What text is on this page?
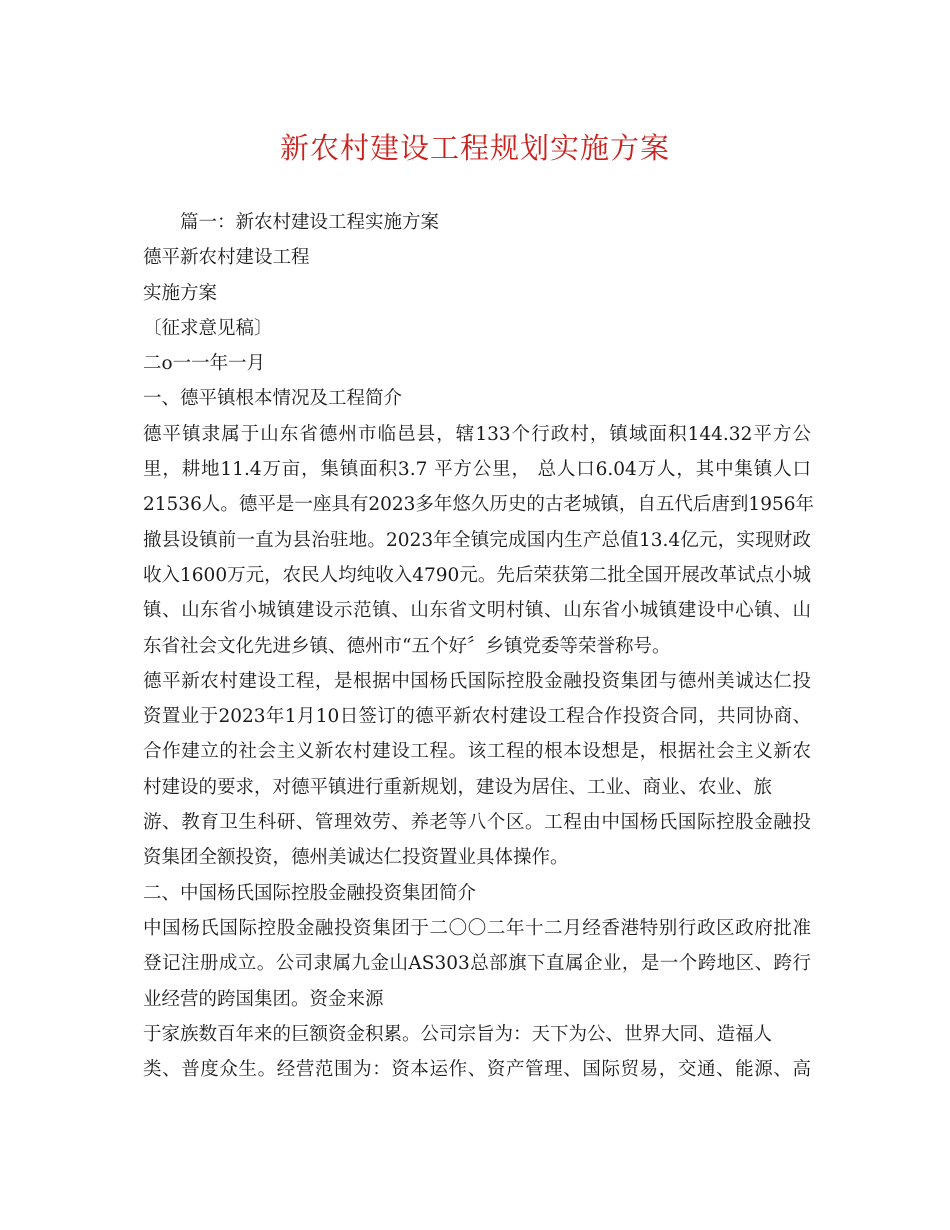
新农村建设工程规划实施方案
篇一：新农村建设工程实施方案
德平新农村建设工程
实施方案
〔征求意见稿〕
二o一一年一月
一、德平镇根本情况及工程简介
德平镇隶属于山东省德州市临邑县，辖133个行政村，镇域面积144.32平方公
里，耕地11.4万亩，集镇面积3.7 平方公里， 总人口6.04万人，其中集镇人口
21536人。德平是一座具有2023多年悠久历史的古老城镇，自五代后唐到1956年
撤县设镇前一直为县治驻地。2023年全镇完成国内生产总值13.4亿元，实现财政
收入1600万元，农民人均纯收入4790元。先后荣获第二批全国开展改革试点小城
镇、山东省小城镇建设示范镇、山东省文明村镇、山东省小城镇建设中心镇、山
东省社会文化先进乡镇、德州市“五个好〞乡镇党委等荣誉称号。
德平新农村建设工程，是根据中国杨氏国际控股金融投资集团与德州美诚达仁投
资置业于2023年1月10日签订的德平新农村建设工程合作投资合同，共同协商、
合作建立的社会主义新农村建设工程。该工程的根本设想是，根据社会主义新农
村建设的要求，对德平镇进行重新规划，建设为居住、工业、商业、农业、旅
游、教育卫生科研、管理效劳、养老等八个区。工程由中国杨氏国际控股金融投
资集团全额投资，德州美诚达仁投资置业具体操作。
二、中国杨氏国际控股金融投资集团简介
中国杨氏国际控股金融投资集团于二〇〇二年十二月经香港特别行政区政府批准
登记注册成立。公司隶属九金山AS303总部旗下直属企业，是一个跨地区、跨行
业经营的跨国集团。资金来源
于家族数百年来的巨额资金积累。公司宗旨为：天下为公、世界大同、造福人
类、普度众生。经营范围为：资本运作、资产管理、国际贸易，交通、能源、高
